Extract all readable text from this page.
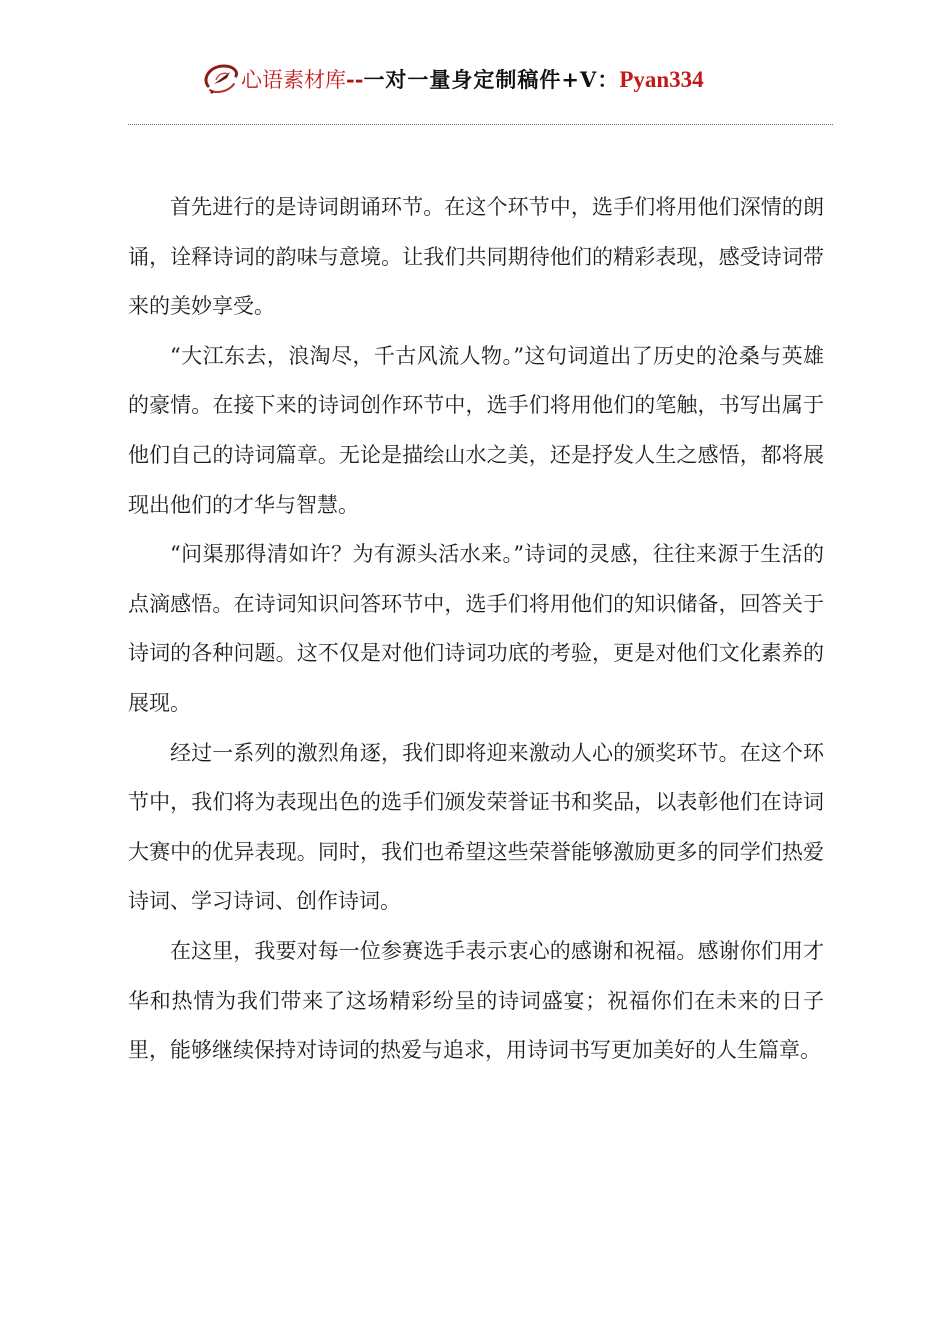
心语素材库--一对一量身定制稿件+V：Pyan334

首先进行的是诗词朗诵环节。在这个环节中，选手们将用他们深情的朗诵，诠释诗词的韵味与意境。让我们共同期待他们的精彩表现，感受诗词带来的美妙享受。

“大江东去，浪淘尽，千古风流人物。”这句词道出了历史的沧桑与英雄的豪情。在接下来的诗词创作环节中，选手们将用他们的笔触，书写出属于他们自己的诗词篇章。无论是描绘山水之美，还是抒发人生之感悟，都将展现出他们的才华与智慧。

“问渠那得清如许？为有源头活水来。”诗词的灵感，往往来源于生活的点滴感悟。在诗词知识问答环节中，选手们将用他们的知识储备，回答关于诗词的各种问题。这不仅是对他们诗词功底的考验，更是对他们文化素养的展现。

经过一系列的激烈角逐，我们即将迎来激动人心的颁奖环节。在这个环节中，我们将为表现出色的选手们颁发荣誉证书和奖品，以表彰他们在诗词大赛中的优异表现。同时，我们也希望这些荣誉能够激励更多的同学们热爱诗词、学习诗词、创作诗词。

在这里，我要对每一位参赛选手表示衷心的感谢和祝福。感谢你们用才华和热情为我们带来了这场精彩纷呈的诗词盛宴；祝福你们在未来的日子里，能够继续保持对诗词的热爱与追求，用诗词书写更加美好的人生篇章。
